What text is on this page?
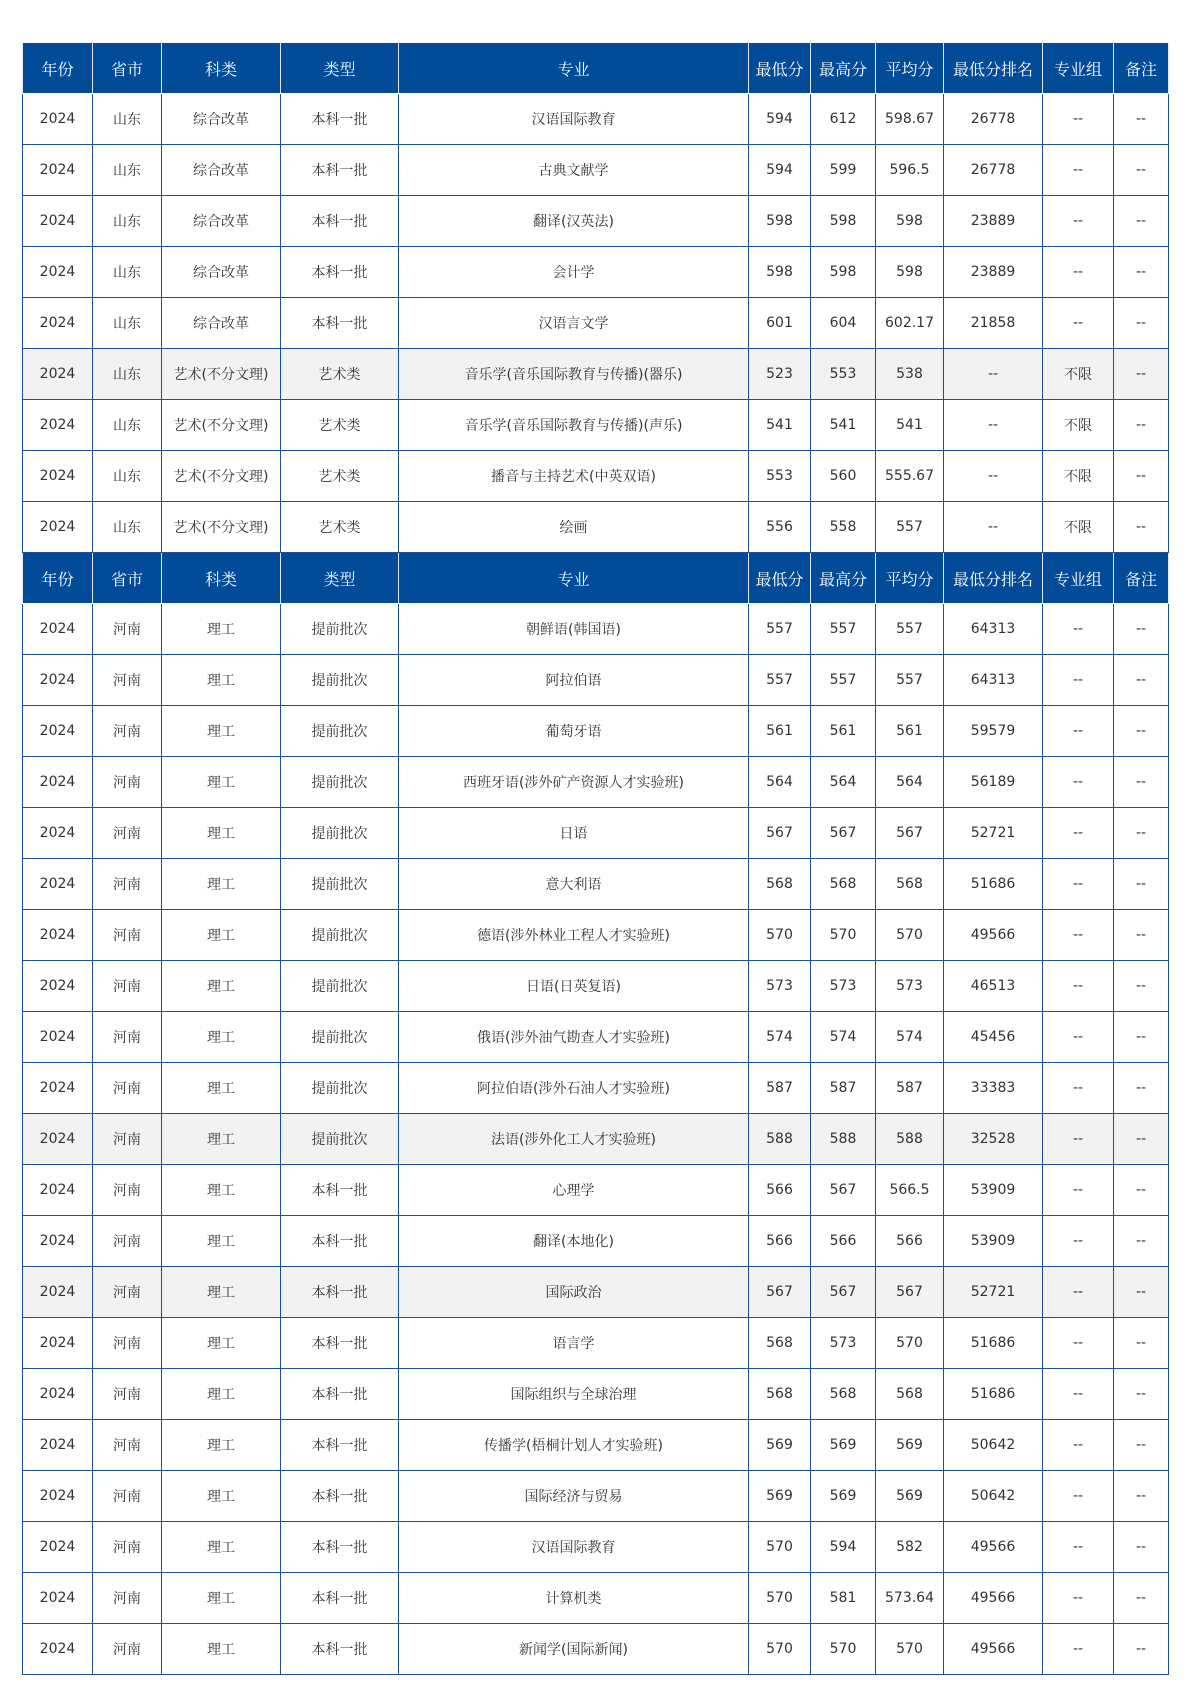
年份	省市	科类	类型	专业	最低分	最高分	平均分	最低分排名	专业组	备注
2024	山东	综合改革	本科一批	汉语国际教育	594	612	598.67	26778	--	--
2024	山东	综合改革	本科一批	古典文献学	594	599	596.5	26778	--	--
2024	山东	综合改革	本科一批	翻译(汉英法)	598	598	598	23889	--	--
2024	山东	综合改革	本科一批	会计学	598	598	598	23889	--	--
2024	山东	综合改革	本科一批	汉语言文学	601	604	602.17	21858	--	--
2024	山东	艺术(不分文理)	艺术类	音乐学(音乐国际教育与传播)(器乐)	523	553	538	--	不限	--
2024	山东	艺术(不分文理)	艺术类	音乐学(音乐国际教育与传播)(声乐)	541	541	541	--	不限	--
2024	山东	艺术(不分文理)	艺术类	播音与主持艺术(中英双语)	553	560	555.67	--	不限	--
2024	山东	艺术(不分文理)	艺术类	绘画	556	558	557	--	不限	--
年份	省市	科类	类型	专业	最低分	最高分	平均分	最低分排名	专业组	备注
2024	河南	理工	提前批次	朝鲜语(韩国语)	557	557	557	64313	--	--
2024	河南	理工	提前批次	阿拉伯语	557	557	557	64313	--	--
2024	河南	理工	提前批次	葡萄牙语	561	561	561	59579	--	--
2024	河南	理工	提前批次	西班牙语(涉外矿产资源人才实验班)	564	564	564	56189	--	--
2024	河南	理工	提前批次	日语	567	567	567	52721	--	--
2024	河南	理工	提前批次	意大利语	568	568	568	51686	--	--
2024	河南	理工	提前批次	德语(涉外林业工程人才实验班)	570	570	570	49566	--	--
2024	河南	理工	提前批次	日语(日英复语)	573	573	573	46513	--	--
2024	河南	理工	提前批次	俄语(涉外油气勘查人才实验班)	574	574	574	45456	--	--
2024	河南	理工	提前批次	阿拉伯语(涉外石油人才实验班)	587	587	587	33383	--	--
2024	河南	理工	提前批次	法语(涉外化工人才实验班)	588	588	588	32528	--	--
2024	河南	理工	本科一批	心理学	566	567	566.5	53909	--	--
2024	河南	理工	本科一批	翻译(本地化)	566	566	566	53909	--	--
2024	河南	理工	本科一批	国际政治	567	567	567	52721	--	--
2024	河南	理工	本科一批	语言学	568	573	570	51686	--	--
2024	河南	理工	本科一批	国际组织与全球治理	568	568	568	51686	--	--
2024	河南	理工	本科一批	传播学(梧桐计划人才实验班)	569	569	569	50642	--	--
2024	河南	理工	本科一批	国际经济与贸易	569	569	569	50642	--	--
2024	河南	理工	本科一批	汉语国际教育	570	594	582	49566	--	--
2024	河南	理工	本科一批	计算机类	570	581	573.64	49566	--	--
2024	河南	理工	本科一批	新闻学(国际新闻)	570	570	570	49566	--	--
